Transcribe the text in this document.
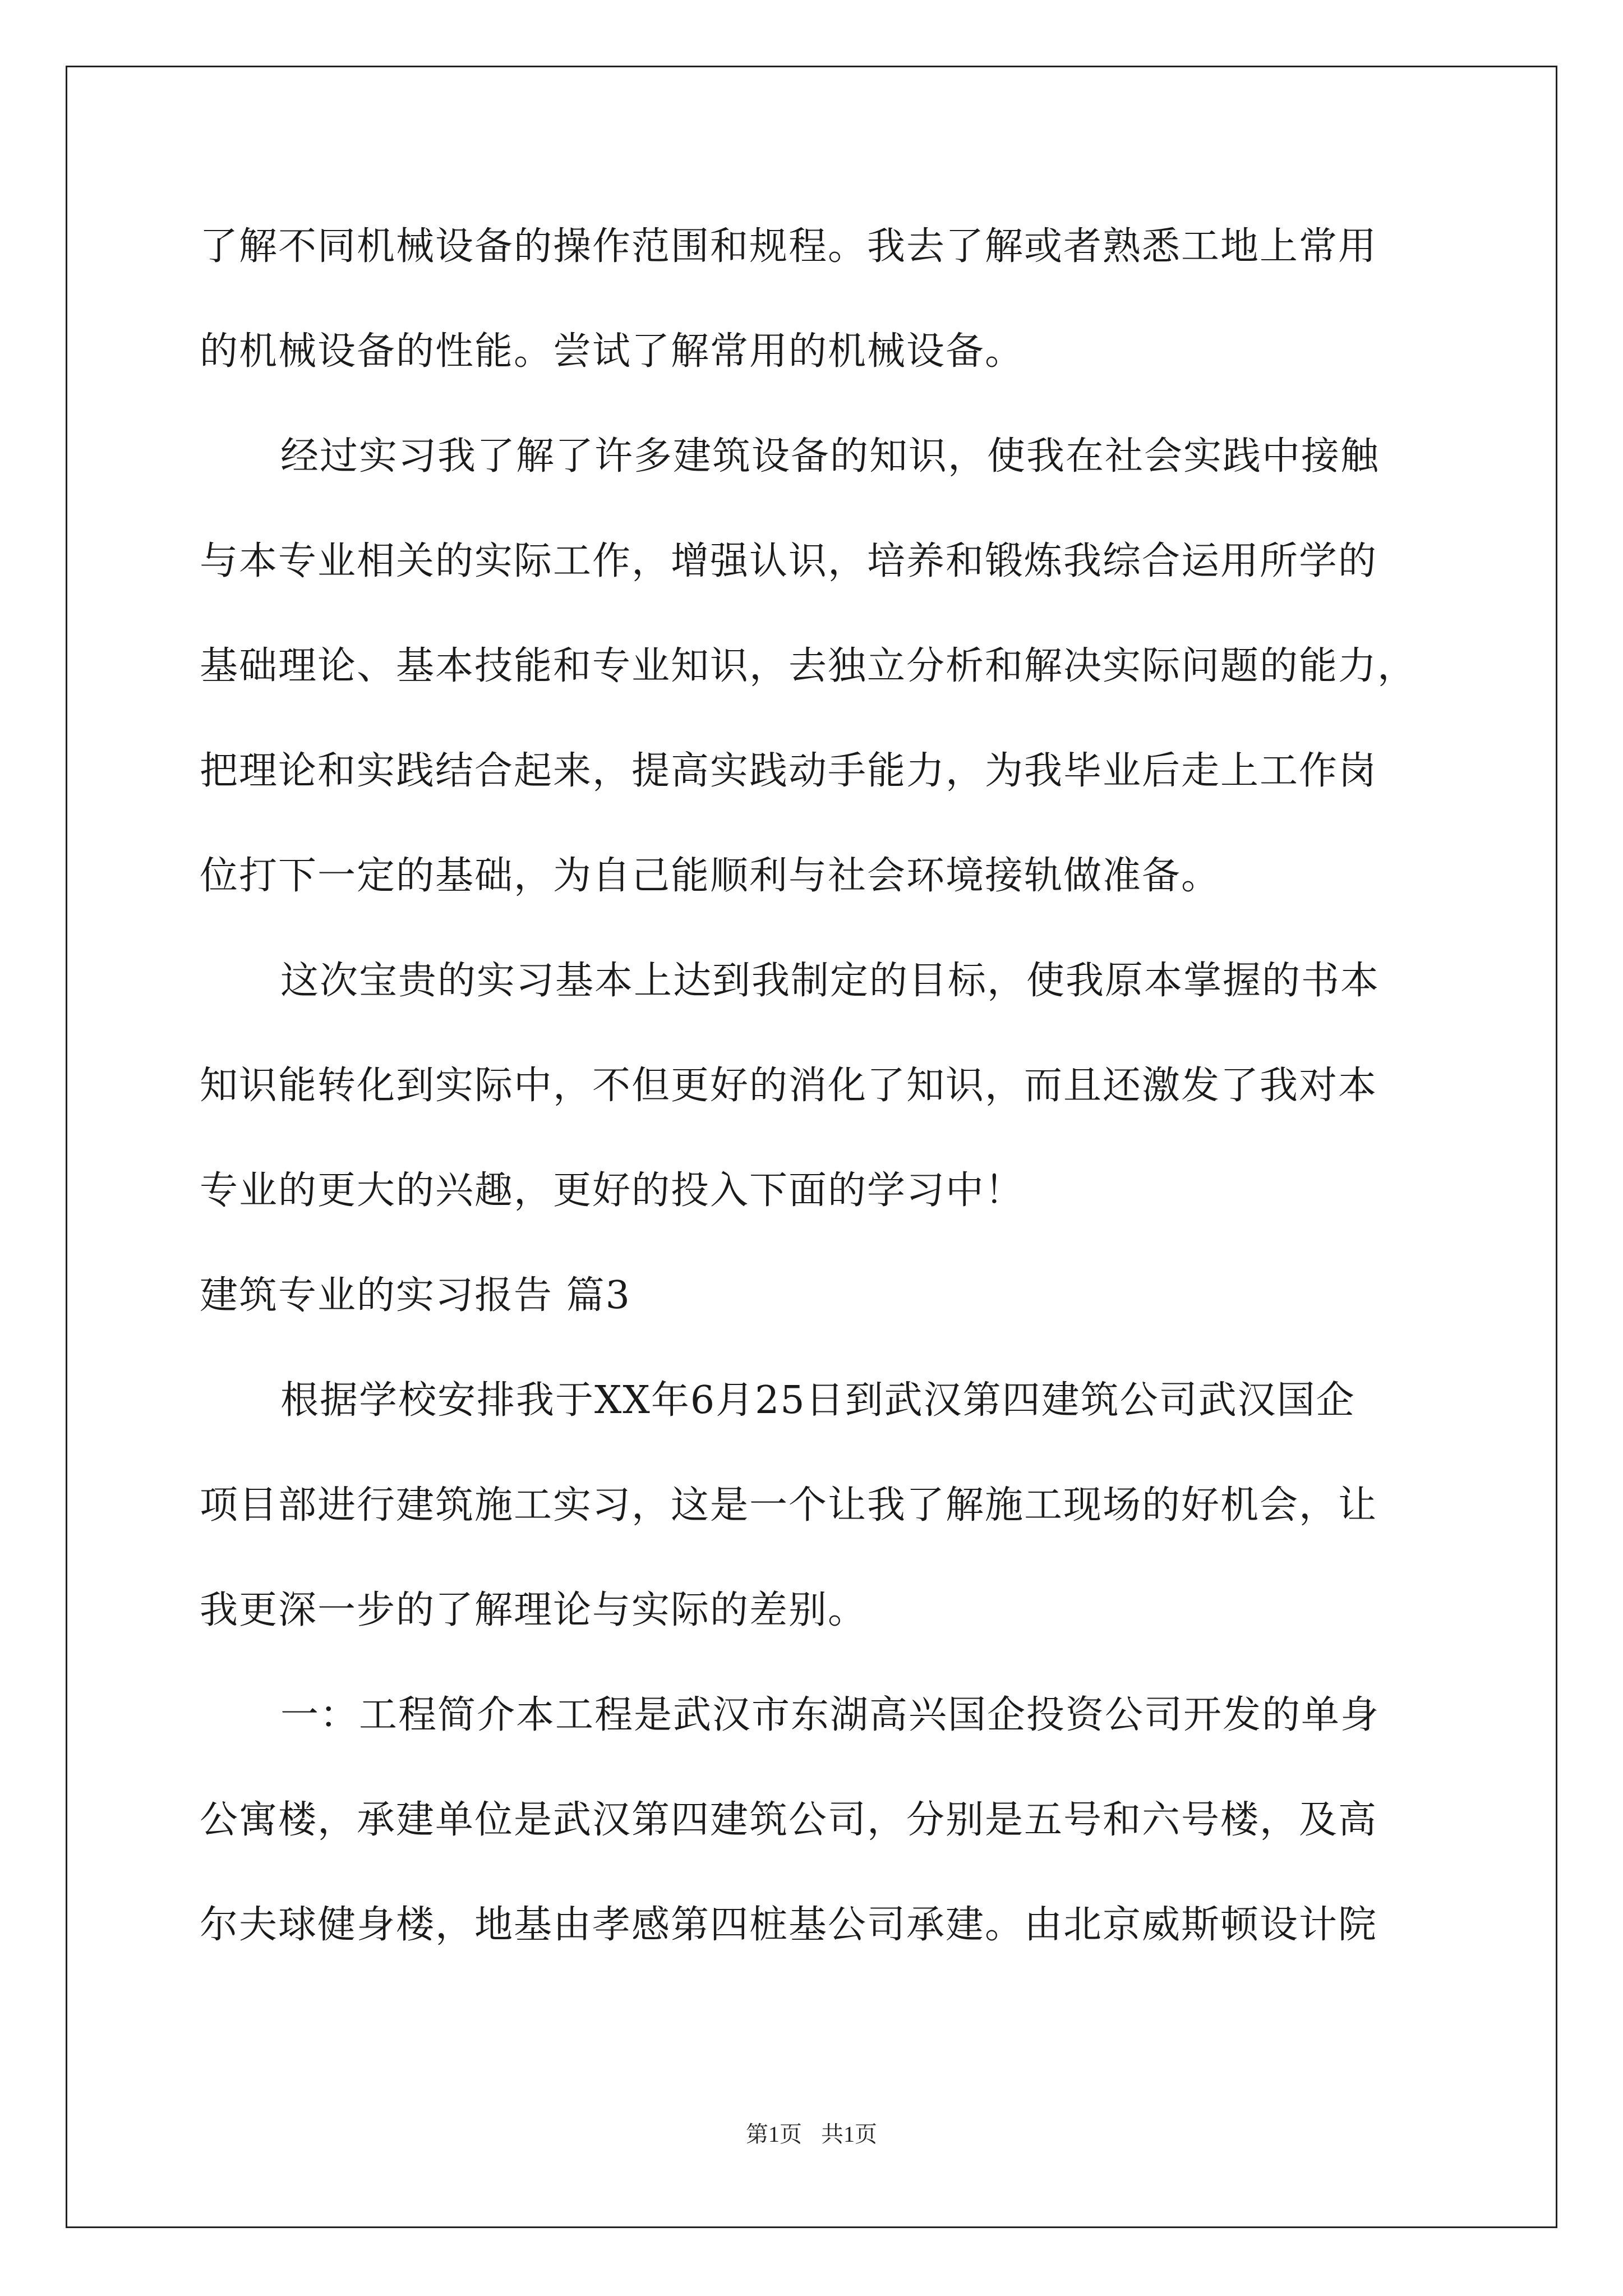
了解不同机械设备的操作范围和规程。我去了解或者熟悉工地上常用
的机械设备的性能。尝试了解常用的机械设备。
经过实习我了解了许多建筑设备的知识，使我在社会实践中接触
与本专业相关的实际工作，增强认识，培养和锻炼我综合运用所学的
基础理论、基本技能和专业知识，去独立分析和解决实际问题的能力，
把理论和实践结合起来，提高实践动手能力，为我毕业后走上工作岗
位打下一定的基础，为自己能顺利与社会环境接轨做准备。
这次宝贵的实习基本上达到我制定的目标，使我原本掌握的书本
知识能转化到实际中，不但更好的消化了知识，而且还激发了我对本
专业的更大的兴趣，更好的投入下面的学习中！
建筑专业的实习报告 篇3
根据学校安排我于XX年6月25日到武汉第四建筑公司武汉国企
项目部进行建筑施工实习，这是一个让我了解施工现场的好机会，让
我更深一步的了解理论与实际的差别。
一：工程简介本工程是武汉市东湖高兴国企投资公司开发的单身
公寓楼，承建单位是武汉第四建筑公司，分别是五号和六号楼，及高
尔夫球健身楼，地基由孝感第四桩基公司承建。由北京威斯顿设计院
第1页 共1页
